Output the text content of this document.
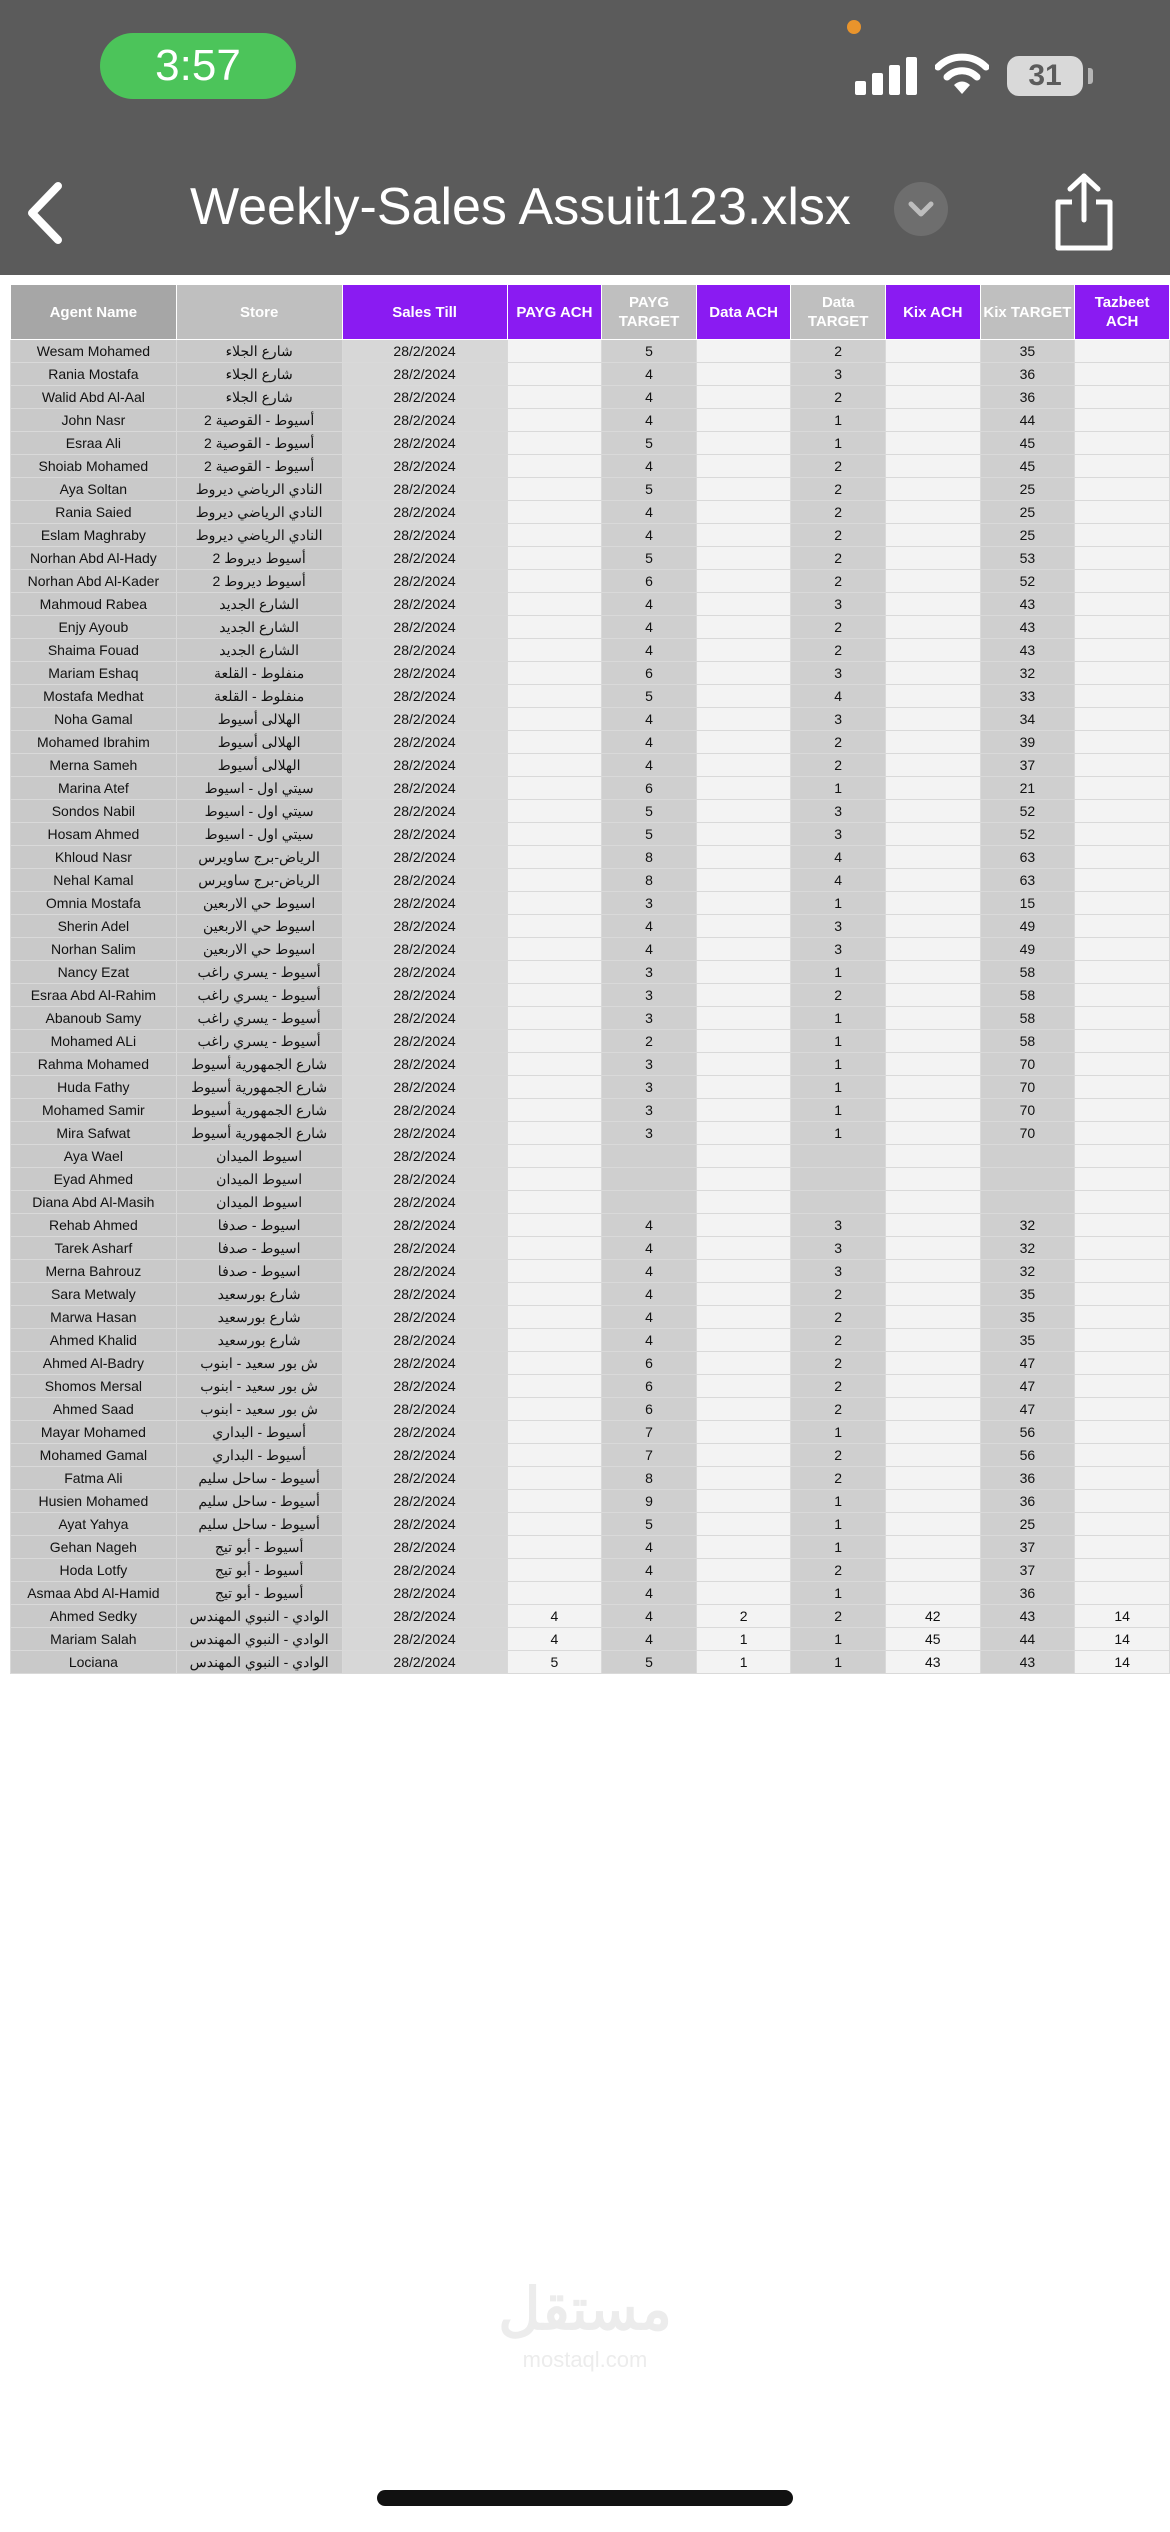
3:57	31
Weekly-Sales Assuit123.xlsx
Agent Name	Store	Sales Till	PAYG ACH	PAYG TARGET	Data ACH	Data TARGET	Kix ACH	Kix TARGET	Tazbeet ACH
Wesam Mohamed	شارع الجلاء	28/2/2024		5		2		35	
Rania Mostafa	شارع الجلاء	28/2/2024		4		3		36	
Walid Abd Al-Aal	شارع الجلاء	28/2/2024		4		2		36	
John Nasr	أسيوط - القوصية 2	28/2/2024		4		1		44	
Esraa Ali	أسيوط - القوصية 2	28/2/2024		5		1		45	
Shoiab Mohamed	أسيوط - القوصية 2	28/2/2024		4		2		45	
Aya Soltan	النادي الرياضي ديروط	28/2/2024		5		2		25	
Rania Saied	النادي الرياضي ديروط	28/2/2024		4		2		25	
Eslam Maghraby	النادي الرياضي ديروط	28/2/2024		4		2		25	
Norhan Abd Al-Hady	أسيوط ديروط 2	28/2/2024		5		2		53	
Norhan Abd Al-Kader	أسيوط ديروط 2	28/2/2024		6		2		52	
Mahmoud Rabea	الشارع الجديد	28/2/2024		4		3		43	
Enjy Ayoub	الشارع الجديد	28/2/2024		4		2		43	
Shaima Fouad	الشارع الجديد	28/2/2024		4		2		43	
Mariam Eshaq	منفلوط - القلعة	28/2/2024		6		3		32	
Mostafa Medhat	منفلوط - القلعة	28/2/2024		5		4		33	
Noha Gamal	الهلالى أسيوط	28/2/2024		4		3		34	
Mohamed Ibrahim	الهلالى أسيوط	28/2/2024		4		2		39	
Merna Sameh	الهلالى أسيوط	28/2/2024		4		2		37	
Marina Atef	سيتي اول - اسيوط	28/2/2024		6		1		21	
Sondos Nabil	سيتي اول - اسيوط	28/2/2024		5		3		52	
Hosam Ahmed	سيتي اول - اسيوط	28/2/2024		5		3		52	
Khloud Nasr	الرياض-برج ساويرس	28/2/2024		8		4		63	
Nehal Kamal	الرياض-برج ساويرس	28/2/2024		8		4		63	
Omnia Mostafa	اسيوط حي الاربعين	28/2/2024		3		1		15	
Sherin Adel	اسيوط حي الاربعين	28/2/2024		4		3		49	
Norhan Salim	اسيوط حي الاربعين	28/2/2024		4		3		49	
Nancy Ezat	أسيوط - يسري راغب	28/2/2024		3		1		58	
Esraa Abd Al-Rahim	أسيوط - يسري راغب	28/2/2024		3		2		58	
Abanoub Samy	أسيوط - يسري راغب	28/2/2024		3		1		58	
Mohamed ALi	أسيوط - يسري راغب	28/2/2024		2		1		58	
Rahma Mohamed	شارع الجمهورية أسيوط	28/2/2024		3		1		70	
Huda Fathy	شارع الجمهورية أسيوط	28/2/2024		3		1		70	
Mohamed Samir	شارع الجمهورية أسيوط	28/2/2024		3		1		70	
Mira Safwat	شارع الجمهورية أسيوط	28/2/2024		3		1		70	
Aya Wael	اسيوط الميدان	28/2/2024							
Eyad Ahmed	اسيوط الميدان	28/2/2024							
Diana Abd Al-Masih	اسيوط الميدان	28/2/2024							
Rehab Ahmed	اسيوط - صدفا	28/2/2024		4		3		32	
Tarek Asharf	اسيوط - صدفا	28/2/2024		4		3		32	
Merna Bahrouz	اسيوط - صدفا	28/2/2024		4		3		32	
Sara Metwaly	شارع بورسعيد	28/2/2024		4		2		35	
Marwa Hasan	شارع بورسعيد	28/2/2024		4		2		35	
Ahmed Khalid	شارع بورسعيد	28/2/2024		4		2		35	
Ahmed Al-Badry	ش بور سعيد - ابنوب	28/2/2024		6		2		47	
Shomos Mersal	ش بور سعيد - ابنوب	28/2/2024		6		2		47	
Ahmed Saad	ش بور سعيد - ابنوب	28/2/2024		6		2		47	
Mayar Mohamed	أسيوط - البداري	28/2/2024		7		1		56	
Mohamed Gamal	أسيوط - البداري	28/2/2024		7		2		56	
Fatma Ali	أسيوط - ساحل سليم	28/2/2024		8		2		36	
Husien Mohamed	أسيوط - ساحل سليم	28/2/2024		9		1		36	
Ayat Yahya	أسيوط - ساحل سليم	28/2/2024		5		1		25	
Gehan Nageh	أسيوط - أبو تيج	28/2/2024		4		1		37	
Hoda Lotfy	أسيوط - أبو تيج	28/2/2024		4		2		37	
Asmaa Abd Al-Hamid	أسيوط - أبو تيج	28/2/2024		4		1		36	
Ahmed Sedky	الوادي - النبوي المهندس	28/2/2024	4	4	2	2	42	43	14
Mariam Salah	الوادي - النبوي المهندس	28/2/2024	4	4	1	1	45	44	14
Lociana	الوادي - النبوي المهندس	28/2/2024	5	5	1	1	43	43	14
مستقل
mostaql.com
